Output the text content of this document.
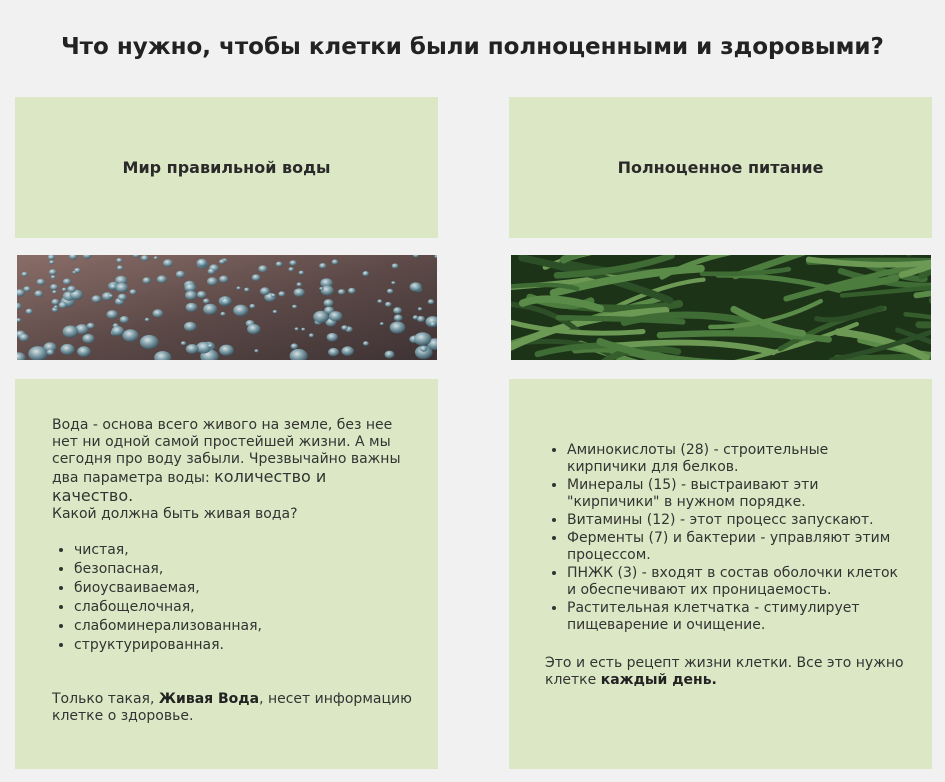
Что нужно, чтобы клетки были полноценными и здоровыми?
Мир правильной воды	Полноценное питание

Вода - основа всего живого на земле, без нее нет ни одной самой простейшей жизни. А мы сегодня про воду забыли. Чрезвычайно важны два параметра воды: количество и качество.

Какой должна быть живая вода?

• чистая,
• безопасная,
• биоусваиваемая,
• слабощелочная,
• слабоминерализованная,
• структурированная.

Только такая, Живая Вода, несет информацию клетке о здоровье.

• Аминокислоты (28) - строительные кирпичики для белков.
• Минералы (15) - выстраивают эти "кирпичики" в нужном порядке.
• Витамины (12) - этот процесс запускают.
• Ферменты (7) и бактерии - управляют этим процессом.
• ПНЖК (3) - входят в состав оболочки клеток и обеспечивают их проницаемость.
• Растительная клетчатка - стимулирует пищеварение и очищение.

Это и есть рецепт жизни клетки. Все это нужно клетке каждый день.
